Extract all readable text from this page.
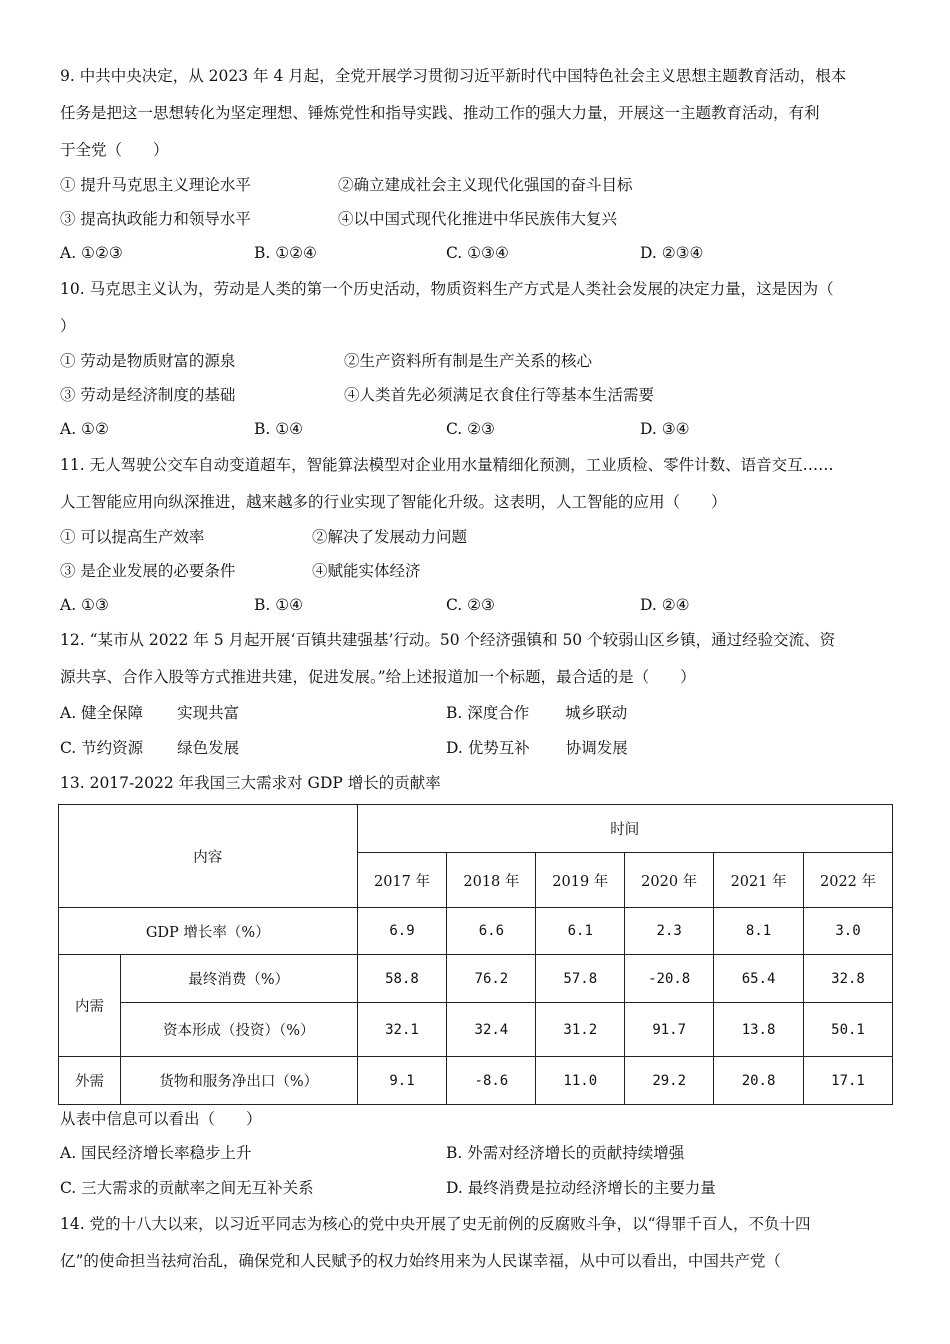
9. 中共中央决定，从 2023 年 4 月起，全党开展学习贯彻习近平新时代中国特色社会主义思想主题教育活动，根本
任务是把这一思想转化为坚定理想、锤炼党性和指导实践、推动工作的强大力量，开展这一主题教育活动，有利
于全党（　　）
① 提升马克思主义理论水平	②确立建成社会主义现代化强国的奋斗目标
③ 提高执政能力和领导水平	④以中国式现代化推进中华民族伟大复兴
A. ①②③	B. ①②④	C. ①③④	D. ②③④
10. 马克思主义认为，劳动是人类的第一个历史活动，物质资料生产方式是人类社会发展的决定力量，这是因为（
）
① 劳动是物质财富的源泉	②生产资料所有制是生产关系的核心
③ 劳动是经济制度的基础	④人类首先必须满足衣食住行等基本生活需要
A. ①②	B. ①④	C. ②③	D. ③④
11. 无人驾驶公交车自动变道超车，智能算法模型对企业用水量精细化预测，工业质检、零件计数、语音交互……
人工智能应用向纵深推进，越来越多的行业实现了智能化升级。这表明，人工智能的应用（　　）
① 可以提高生产效率	②解决了发展动力问题
③ 是企业发展的必要条件	④赋能实体经济
A. ①③	B. ①④	C. ②③	D. ②④
12. “某市从 2022 年 5 月起开展‘百镇共建强基’行动。50 个经济强镇和 50 个较弱山区乡镇，通过经验交流、资
源共享、合作入股等方式推进共建，促进发展。”给上述报道加一个标题，最合适的是（　　）
A. 健全保障 实现共富	B. 深度合作 城乡联动
C. 节约资源 绿色发展	D. 优势互补 协调发展
13. 2017-2022 年我国三大需求对 GDP 增长的贡献率
内容		时间					
		2017 年	2018 年	2019 年	2020 年	2021 年	2022 年
GDP 增长率（%）		6.9	6.6	6.1	2.3	8.1	3.0
内需	最终消费（%）	58.8	76.2	57.8	-20.8	65.4	32.8
	资本形成（投资）（%）	32.1	32.4	31.2	91.7	13.8	50.1
外需	货物和服务净出口（%）	9.1	-8.6	11.0	29.2	20.8	17.1
从表中信息可以看出（　　）
A. 国民经济增长率稳步上升	B. 外需对经济增长的贡献持续增强
C. 三大需求的贡献率之间无互补关系	D. 最终消费是拉动经济增长的主要力量
14. 党的十八大以来，以习近平同志为核心的党中央开展了史无前例的反腐败斗争，以“得罪千百人，不负十四
亿”的使命担当祛疴治乱，确保党和人民赋予的权力始终用来为人民谋幸福，从中可以看出，中国共产党（
